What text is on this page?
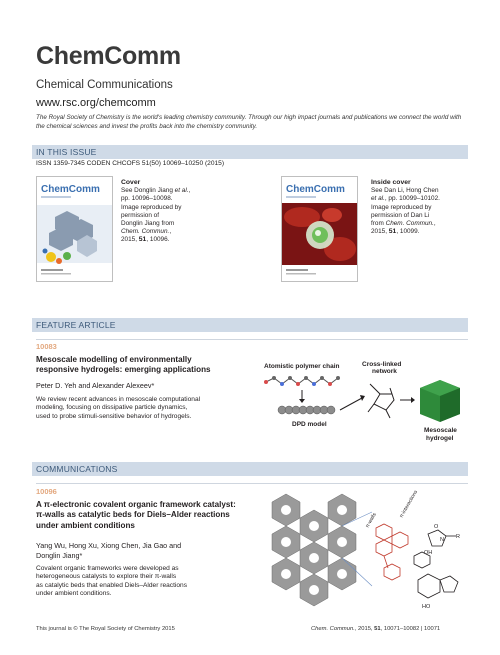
ChemComm
Chemical Communications
www.rsc.org/chemcomm
The Royal Society of Chemistry is the world's leading chemistry community. Through our high impact journals and publications we connect the world with the chemical sciences and invest the profits back into the chemistry community.
IN THIS ISSUE
ISSN 1359-7345 CODEN CHCOFS 51(50) 10069–10250 (2015)
ChemComm
Cover
See Donglin Jiang et al.,
pp. 10096–10098.
Image reproduced by
permission of
Donglin Jiang from
Chem. Commun.,
2015, 51, 10096.
ChemComm
Inside cover
See Dan Li, Hong Chen
et al., pp. 10099–10102.
Image reproduced by
permission of Dan Li
from Chem. Commun.,
2015, 51, 10099.
FEATURE ARTICLE
10083
Mesoscale modelling of environmentally
responsive hydrogels: emerging applications
Peter D. Yeh and Alexander Alexeev*
We review recent advances in mesoscale computational
modeling, focusing on dissipative particle dynamics,
used to probe stimuli-sensitive behavior of hydrogels.
Atomistic polymer chain	Cross-linked
network
DPD model
Mesoscale
hydrogel
COMMUNICATIONS
10096
A π-electronic covalent organic framework catalyst:
π-walls as catalytic beds for Diels–Alder reactions
under ambient conditions
Yang Wu, Hong Xu, Xiong Chen, Jia Gao and
Donglin Jiang*
Covalent organic frameworks were developed as
heterogeneous catalysts to explore their π-walls
as catalytic beds that enabled Diels–Alder reactions
under ambient conditions.
π-walls
π-interactions
N R
O
OH
HO
This journal is © The Royal Society of Chemistry 2015	Chem. Commun., 2015, 51, 10071–10082 | 10071
